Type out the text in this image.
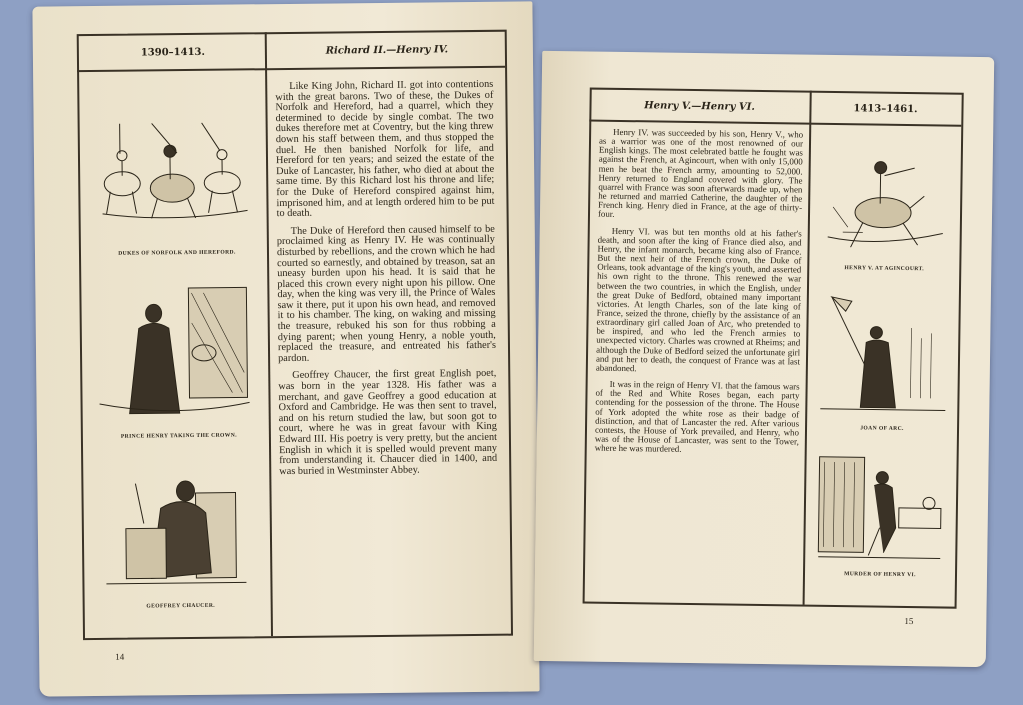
1390–1413.	Richard II.—Henry IV.
DUKES OF NORFOLK AND HEREFORD.
PRINCE HENRY TAKING THE CROWN.
GEOFFREY CHAUCER.

Like King John, Richard II. got into contentions with the great barons. Two of these, the Dukes of Norfolk and Hereford, had a quarrel, which they determined to decide by single combat. The two dukes therefore met at Coventry, but the king threw down his staff between them, and thus stopped the duel. He then banished Norfolk for life, and Hereford for ten years; and seized the estate of the Duke of Lancaster, his father, who died at about the same time. By this Richard lost his throne and life; for the Duke of Hereford conspired against him, imprisoned him, and at length ordered him to be put to death.

The Duke of Hereford then caused himself to be proclaimed king as Henry IV. He was continually disturbed by rebellions, and the crown which he had courted so earnestly, and obtained by treason, sat an uneasy burden upon his head. It is said that he placed this crown every night upon his pillow. One day, when the king was very ill, the Prince of Wales saw it there, put it upon his own head, and removed it to his chamber. The king, on waking and missing the treasure, rebuked his son for thus robbing a dying parent; when young Henry, a noble youth, replaced the treasure, and entreated his father's pardon.

Geoffrey Chaucer, the first great English poet, was born in the year 1328. His father was a merchant, and gave Geoffrey a good education at Oxford and Cambridge. He was then sent to travel, and on his return studied the law, but soon got to court, where he was in great favour with King Edward III. His poetry is very pretty, but the ancient English in which it is spelled would prevent many from understanding it. Chaucer died in 1400, and was buried in Westminster Abbey.

14
Henry V.—Henry VI.	1413–1461.

Henry IV. was succeeded by his son, Henry V., who as a warrior was one of the most renowned of our English kings. The most celebrated battle he fought was against the French, at Agincourt, when with only 15,000 men he beat the French army, amounting to 52,000. Henry returned to England covered with glory. The quarrel with France was soon afterwards made up, when he returned and married Catherine, the daughter of the French king. Henry died in France, at the age of thirty-four.

Henry VI. was but ten months old at his father's death, and soon after the king of France died also, and Henry, the infant monarch, became king also of France. But the next heir of the French crown, the Duke of Orleans, took advantage of the king's youth, and asserted his own right to the throne. This renewed the war between the two countries, in which the English, under the great Duke of Bedford, obtained many important victories. At length Charles, son of the late king of France, seized the throne, chiefly by the assistance of an extraordinary girl called Joan of Arc, who pretended to be inspired, and who led the French armies to unexpected victory. Charles was crowned at Rheims; and although the Duke of Bedford seized the unfortunate girl and put her to death, the conquest of France was at last abandoned.

It was in the reign of Henry VI. that the famous wars of the Red and White Roses began, each party contending for the possession of the throne. The House of York adopted the white rose as their badge of distinction, and that of Lancaster the red. After various contests, the House of York prevailed, and Henry, who was of the House of Lancaster, was sent to the Tower, where he was murdered.

HENRY V. AT AGINCOURT.
JOAN OF ARC.
MURDER OF HENRY VI.
15
